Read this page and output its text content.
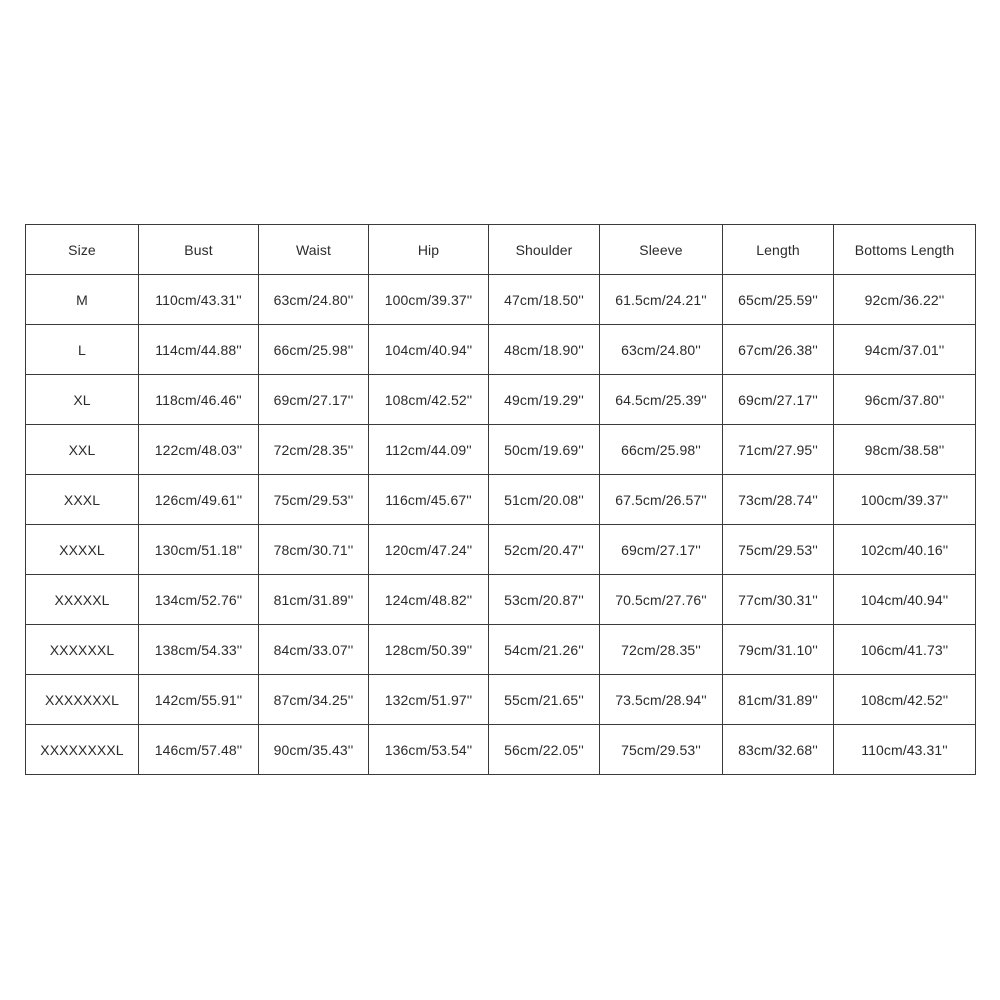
Size	Bust	Waist	Hip	Shoulder	Sleeve	Length	Bottoms Length
M	110cm/43.31''	63cm/24.80''	100cm/39.37''	47cm/18.50''	61.5cm/24.21''	65cm/25.59''	92cm/36.22''
L	114cm/44.88''	66cm/25.98''	104cm/40.94''	48cm/18.90''	63cm/24.80''	67cm/26.38''	94cm/37.01''
XL	118cm/46.46''	69cm/27.17''	108cm/42.52''	49cm/19.29''	64.5cm/25.39''	69cm/27.17''	96cm/37.80''
XXL	122cm/48.03''	72cm/28.35''	112cm/44.09''	50cm/19.69''	66cm/25.98''	71cm/27.95''	98cm/38.58''
XXXL	126cm/49.61''	75cm/29.53''	116cm/45.67''	51cm/20.08''	67.5cm/26.57''	73cm/28.74''	100cm/39.37''
XXXXL	130cm/51.18''	78cm/30.71''	120cm/47.24''	52cm/20.47''	69cm/27.17''	75cm/29.53''	102cm/40.16''
XXXXXL	134cm/52.76''	81cm/31.89''	124cm/48.82''	53cm/20.87''	70.5cm/27.76''	77cm/30.31''	104cm/40.94''
XXXXXXL	138cm/54.33''	84cm/33.07''	128cm/50.39''	54cm/21.26''	72cm/28.35''	79cm/31.10''	106cm/41.73''
XXXXXXXL	142cm/55.91''	87cm/34.25''	132cm/51.97''	55cm/21.65''	73.5cm/28.94''	81cm/31.89''	108cm/42.52''
XXXXXXXXL	146cm/57.48''	90cm/35.43''	136cm/53.54''	56cm/22.05''	75cm/29.53''	83cm/32.68''	110cm/43.31''
